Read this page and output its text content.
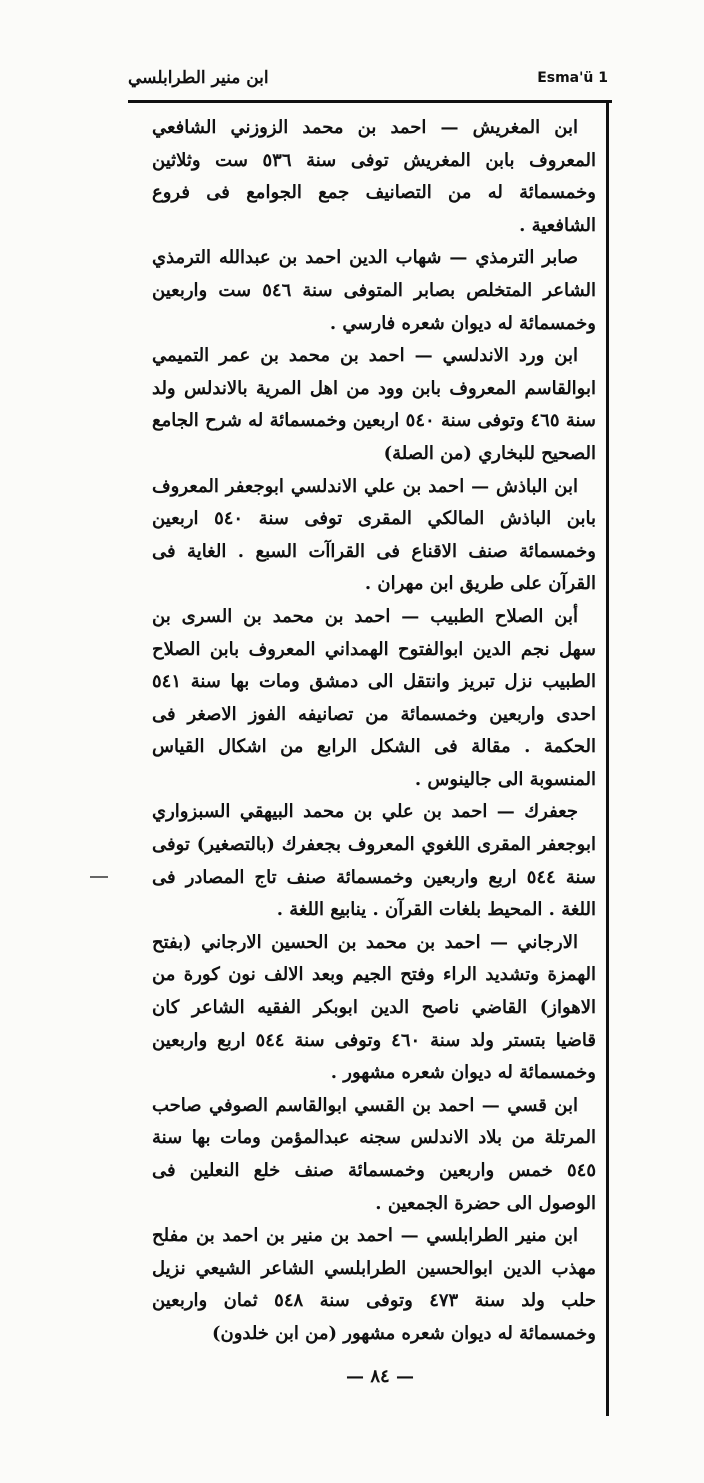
ابن منير الطرابلسي	Esma'ü 1

ابن المغريش — احمد بن محمد الزوزني الشافعي المعروف بابن المغريش توفى سنة ٥٣٦ ست وثلاثين وخمسمائة له من التصانيف جمع الجوامع فى فروع الشافعية .

صابر الترمذي — شهاب الدين احمد بن عبدالله الترمذي الشاعر المتخلص بصابر المتوفى سنة ٥٤٦ ست واربعين وخمسمائة له ديوان شعره فارسي .

ابن ورد الاندلسي — احمد بن محمد بن عمر التميمي ابوالقاسم المعروف بابن وود من اهل المرية بالاندلس ولد سنة ٤٦٥ وتوفى سنة ٥٤٠ اربعين وخمسمائة له شرح الجامع الصحيح للبخاري (من الصلة)

ابن الباذش — احمد بن علي الاندلسي ابوجعفر المعروف بابن الباذش المالكي المقرى توفى سنة ٥٤٠ اربعين وخمسمائة صنف الاقناع فى القراآت السبع . الغاية فى القرآن على طريق ابن مهران .

أبن الصلاح الطبيب — احمد بن محمد بن السرى بن سهل نجم الدين ابوالفتوح الهمداني المعروف بابن الصلاح الطبيب نزل تبريز وانتقل الى دمشق ومات بها سنة ٥٤١ احدى واربعين وخمسمائة من تصانيفه الفوز الاصغر فى الحكمة . مقالة فى الشكل الرابع من اشكال القياس المنسوبة الى جالينوس .

جعفرك — احمد بن علي بن محمد البيهقي السبزواري ابوجعفر المقرى اللغوي المعروف بجعفرك (بالتصغير) توفى سنة ٥٤٤ اربع واربعين وخمسمائة صنف تاج المصادر فى اللغة . المحيط بلغات القرآن . ينابيع اللغة .

الارجاني — احمد بن محمد بن الحسين الارجاني (بفتح الهمزة وتشديد الراء وفتح الجيم وبعد الالف نون كورة من الاهواز) القاضي ناصح الدين ابوبكر الفقيه الشاعر كان قاضيا بتستر ولد سنة ٤٦٠ وتوفى سنة ٥٤٤ اربع واربعين وخمسمائة له ديوان شعره مشهور .

ابن قسي — احمد بن القسي ابوالقاسم الصوفي صاحب المرتلة من بلاد الاندلس سجنه عبدالمؤمن ومات بها سنة ٥٤٥ خمس واربعين وخمسمائة صنف خلع النعلين فى الوصول الى حضرة الجمعين .

ابن منير الطرابلسي — احمد بن منير بن احمد بن مفلح مهذب الدين ابوالحسين الطرابلسي الشاعر الشيعي نزيل حلب ولد سنة ٤٧٣ وتوفى سنة ٥٤٨ ثمان واربعين وخمسمائة له ديوان شعره مشهور (من ابن خلدون)

— ٨٤ —
